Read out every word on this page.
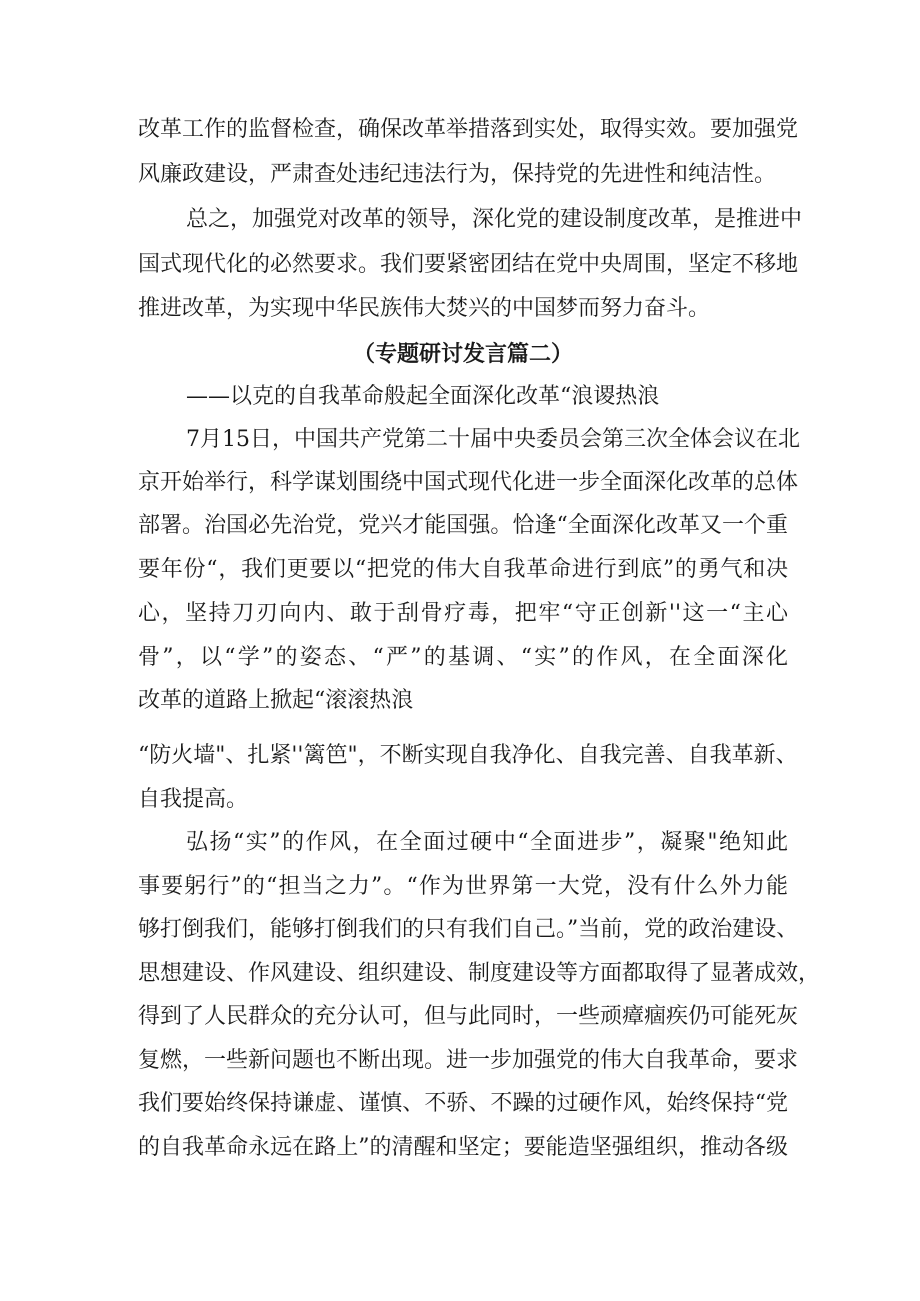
改革工作的监督检查，确保改革举措落到实处，取得实效。要加强党
风廉政建设，严肃查处违纪违法行为，保持党的先进性和纯洁性。
总之，加强党对改革的领导，深化党的建设制度改革，是推进中
国式现代化的必然要求。我们要紧密团结在党中央周围，坚定不移地
推进改革，为实现中华民族伟大焚兴的中国梦而努力奋斗。
（专题研讨发言篇二）
——以克的自我革命般起全面深化改革“浪谡热浪
7月15日，中国共产党第二十届中央委员会第三次全体会议在北
京开始举行，科学谋划围绕中国式现代化进一步全面深化改革的总体
部署。治国必先治党，党兴才能国强。恰逢“全面深化改革又一个重
要年份“，我们更要以“把党的伟大自我革命进行到底”的勇气和决
心，坚持刀刃向内、敢于刮骨疗毒，把牢“守正创新''这一“主心
骨”，以“学”的姿态、“严”的基调、“实”的作风，在全面深化
改革的道路上掀起“滚滚热浪
“防火墙"、扎紧''篱笆"，不断实现自我净化、自我完善、自我革新、
自我提高。
弘扬“实”的作风，在全面过硬中“全面进步”，凝聚"绝知此
事要躬行”的“担当之力”。“作为世界第一大党，没有什么外力能
够打倒我们，能够打倒我们的只有我们自己。”当前，党的政治建设、
思想建设、作风建设、组织建设、制度建设等方面都取得了显著成效，
得到了人民群众的充分认可，但与此同时，一些顽瘴痼疾仍可能死灰
复燃，一些新问题也不断出现。进一步加强党的伟大自我革命，要求
我们要始终保持谦虚、谨慎、不骄、不躁的过硬作风，始终保持“党
的自我革命永远在路上”的清醒和坚定；要能造坚强组织，推动各级
